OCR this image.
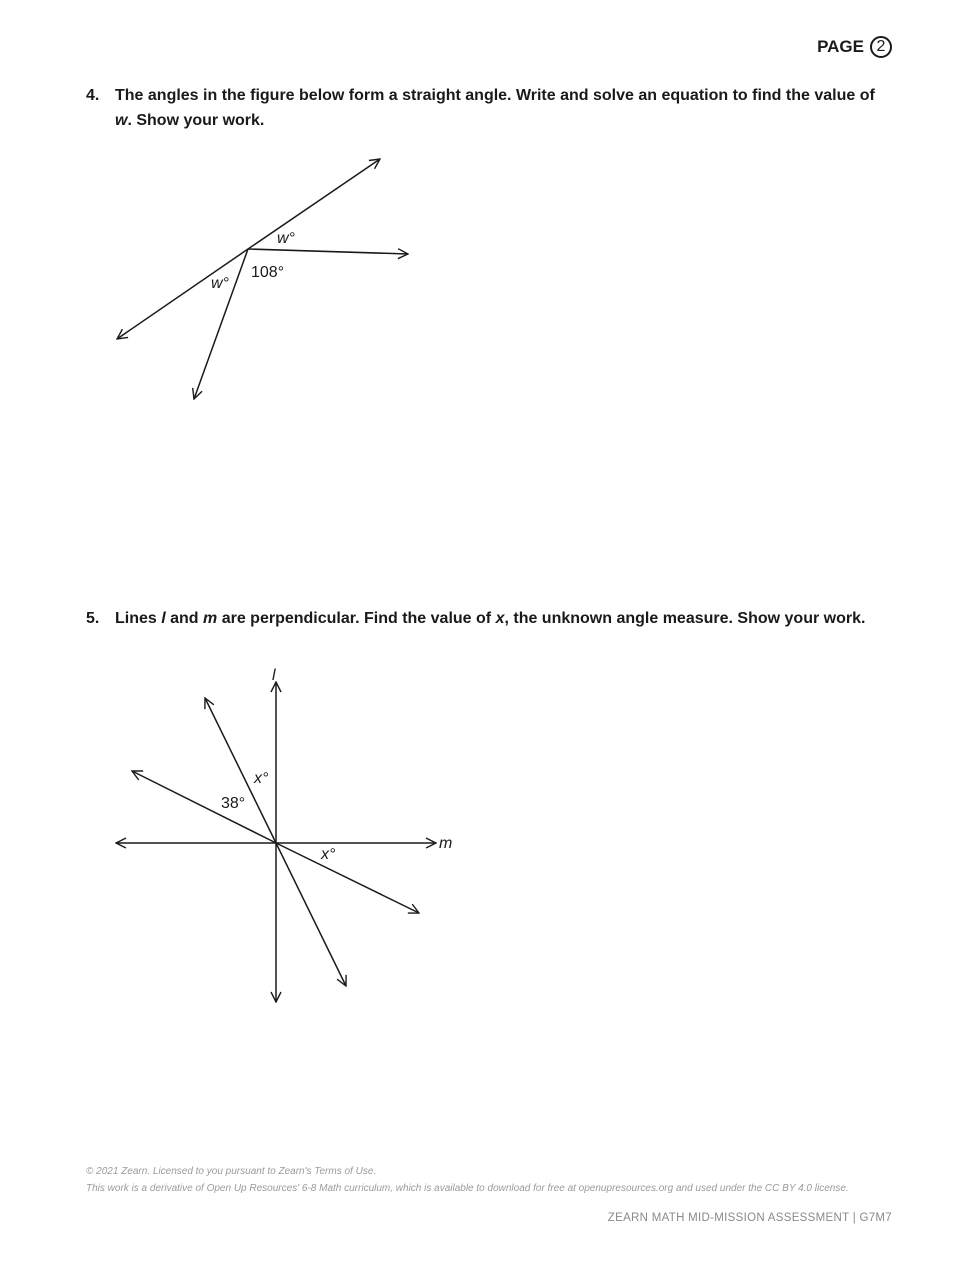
PAGE 2
4. The angles in the figure below form a straight angle. Write and solve an equation to find the value of w. Show your work.
w°
w°
108°
l
m
x°
x°
38°
5. Lines l and m are perpendicular. Find the value of x, the unknown angle measure. Show your work.
© 2021 Zearn. Licensed to you pursuant to Zearn's Terms of Use.
This work is a derivative of Open Up Resources' 6-8 Math curriculum, which is available to download for free at openupresources.org and used under the CC BY 4.0 license.
ZEARN MATH MID-MISSION ASSESSMENT | G7M7
